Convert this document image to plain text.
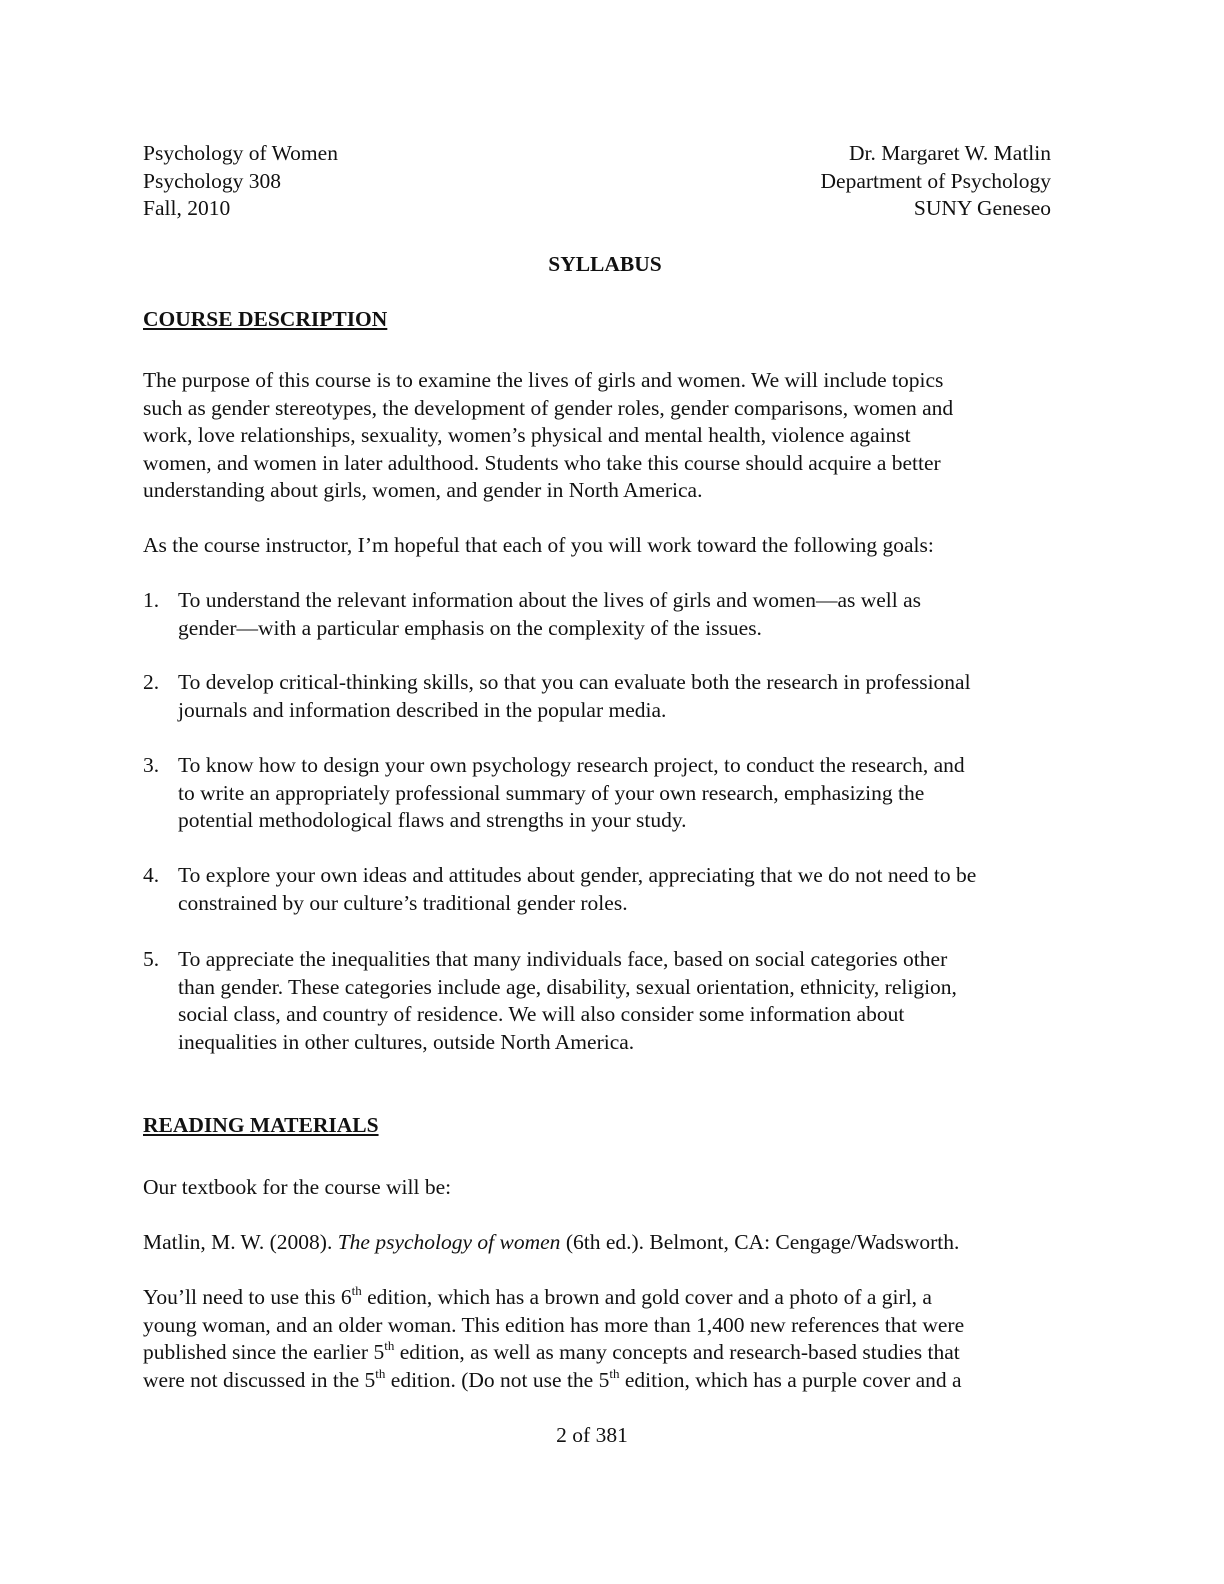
Psychology of Women
Psychology 308
Fall, 2010
Dr. Margaret W. Matlin
Department of Psychology
SUNY Geneseo
SYLLABUS
COURSE DESCRIPTION
The purpose of this course is to examine the lives of girls and women. We will include topics
such as gender stereotypes, the development of gender roles, gender comparisons, women and
work, love relationships, sexuality, women’s physical and mental health, violence against
women, and women in later adulthood. Students who take this course should acquire a better
understanding about girls, women, and gender in North America.
As the course instructor, I’m hopeful that each of you will work toward the following goals:
1. To understand the relevant information about the lives of girls and women—as well as
gender—with a particular emphasis on the complexity of the issues.
2. To develop critical-thinking skills, so that you can evaluate both the research in professional
journals and information described in the popular media.
3. To know how to design your own psychology research project, to conduct the research, and
to write an appropriately professional summary of your own research, emphasizing the
potential methodological flaws and strengths in your study.
4. To explore your own ideas and attitudes about gender, appreciating that we do not need to be
constrained by our culture’s traditional gender roles.
5. To appreciate the inequalities that many individuals face, based on social categories other
than gender. These categories include age, disability, sexual orientation, ethnicity, religion,
social class, and country of residence. We will also consider some information about
inequalities in other cultures, outside North America.
READING MATERIALS
Our textbook for the course will be:
Matlin, M. W. (2008). The psychology of women (6th ed.). Belmont, CA: Cengage/Wadsworth.
You’ll need to use this 6th edition, which has a brown and gold cover and a photo of a girl, a
young woman, and an older woman. This edition has more than 1,400 new references that were
published since the earlier 5th edition, as well as many concepts and research-based studies that
were not discussed in the 5th edition. (Do not use the 5th edition, which has a purple cover and a
2 of 381
